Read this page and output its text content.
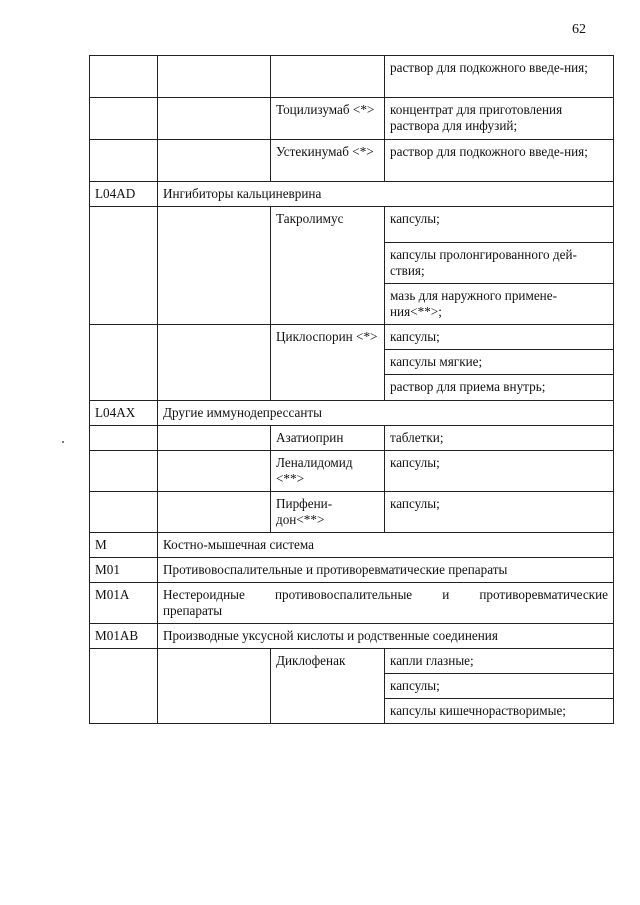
62
			раствор для подкожного введе-ния;
		Тоцилизумаб <*>	концентрат для приготовления раствора для инфузий;
		Устекинумаб <*>	раствор для подкожного введе-ния;
L04AD	Ингибиторы кальциневрина		
		Такролимус	капсулы;
			капсулы пролонгированного дей-ствия;
			мазь для наружного примене-ния<**>;
		Циклоспорин <*>	капсулы;
			капсулы мягкие;
			раствор для приема внутрь;
L04AX	Другие иммунодепрессанты		
		Азатиоприн	таблетки;
		Леналидомид <**>	капсулы;
		Пирфени-дон<**>	капсулы;
M	Костно-мышечная система		
M01	Противовоспалительные и противоревматические препараты		
M01A	Нестероидные противовоспалительные и противоревматические
препараты		

M01AB	Производные уксусной кислоты и родственные соединения		
		Диклофенак	капли глазные;
			капсулы;
			капсулы кишечнорастворимые;
